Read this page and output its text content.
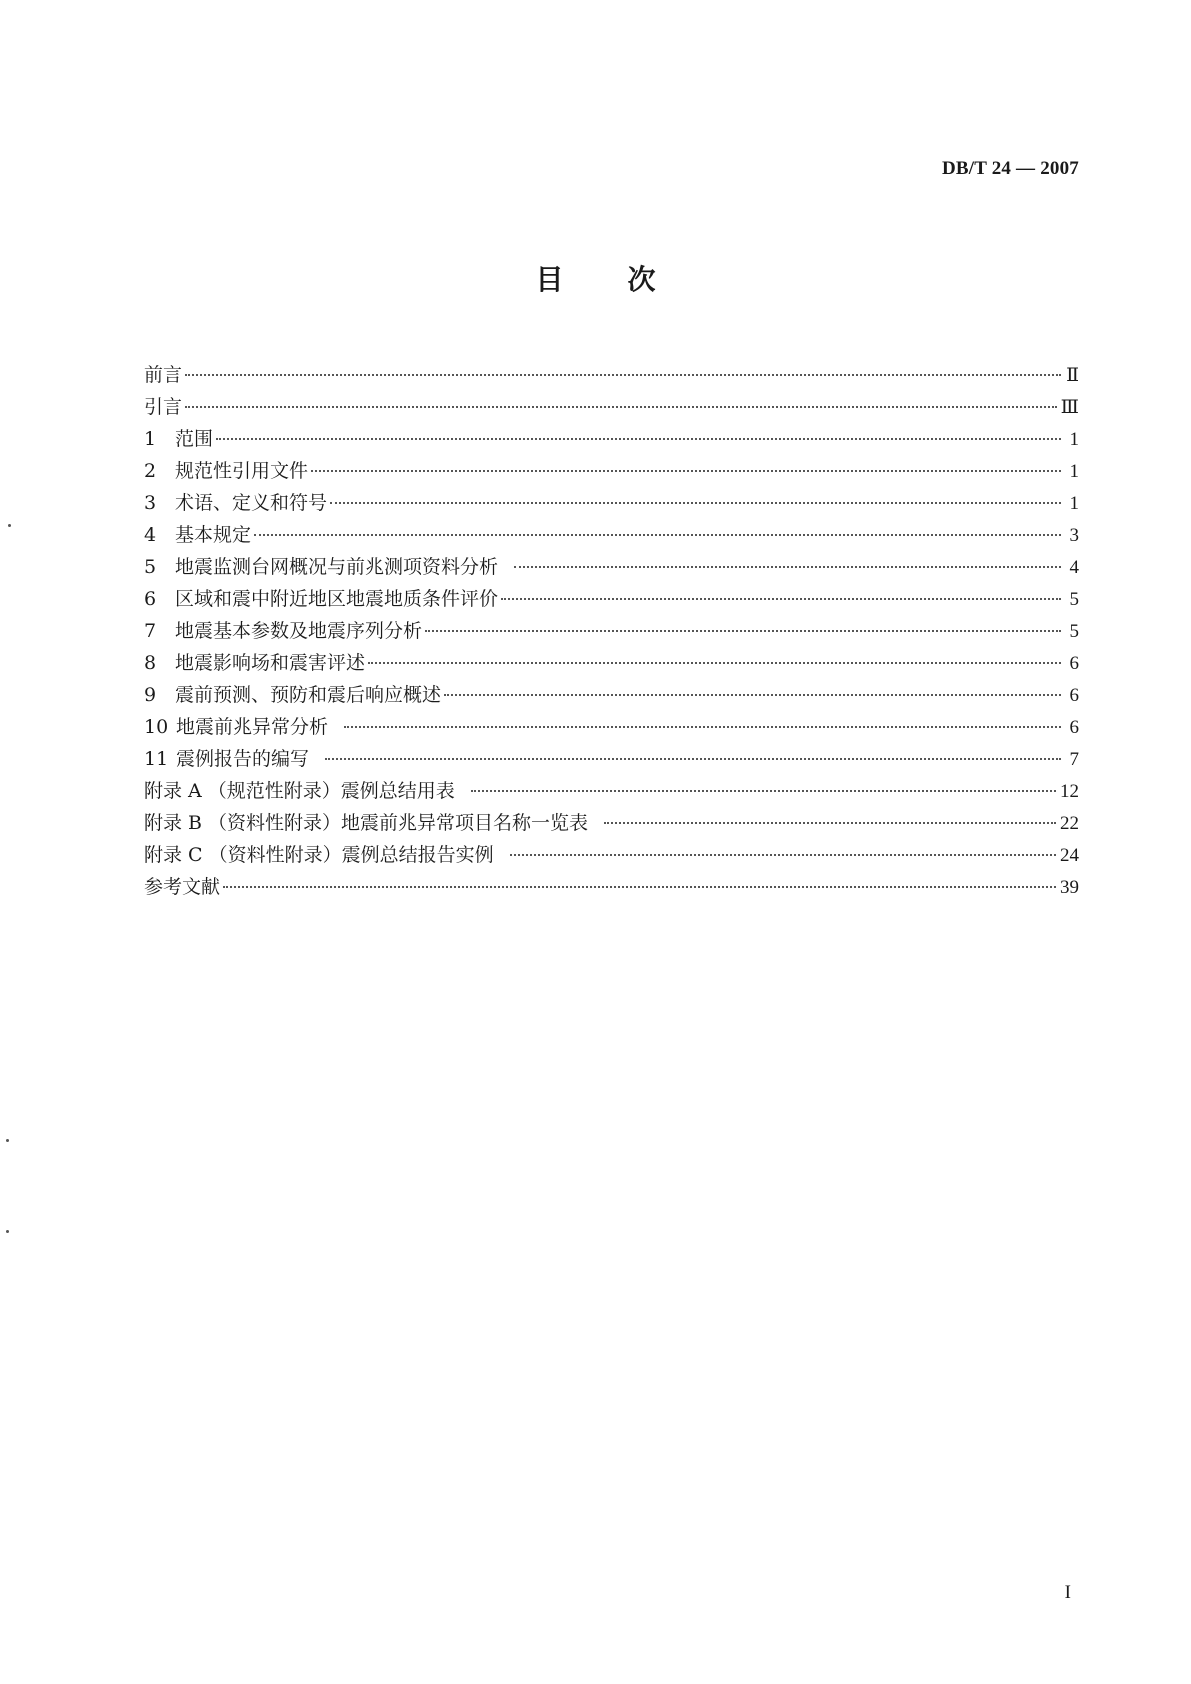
DB/T 24 — 2007
目次
前言	Ⅱ
引言	Ⅲ
1 范围	1
2 规范性引用文件	1
3 术语、定义和符号	1
4 基本规定	3
5 地震监测台网概况与前兆测项资料分析	4
6 区域和震中附近地区地震地质条件评价	5
7 地震基本参数及地震序列分析	5
8 地震影响场和震害评述	6
9 震前预测、预防和震后响应概述	6
10 地震前兆异常分析	6
11 震例报告的编写	7
附录 A （规范性附录）震例总结用表	12
附录 B （资料性附录）地震前兆异常项目名称一览表	22
附录 C （资料性附录）震例总结报告实例	24
参考文献	39
I
